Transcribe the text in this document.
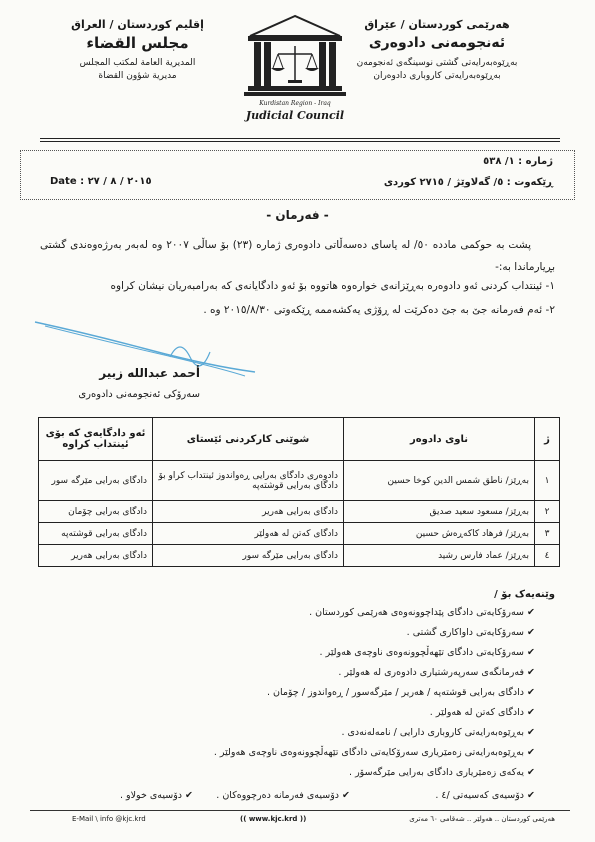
هەرێمی کوردستان / عێراق
ئەنجومەنی دادوەری
بەڕێوەبەرایەتی گشتی نوسینگەی ئەنجومەن
بەڕێوەبەرایەتی کاروباری دادوەران
إقليم كوردستان / العراق
مجلس القضاء
المديرية العامة لمكتب المجلس
مديرية شؤون القضاة
Kurdistan Region - Iraq
Judicial Council
ژمارە : ١/ ٥٣٨
ڕێکەوت : ٥/ گەلاوێژ / ٢٧١٥ کوردی
Date : ٢٠١٥ / ٨ / ٢٧
- فەرمان -
پشت بە حوکمی مادده ٥٠/ لە یاسای دەسەڵاتی دادوەری ژمارە (٢٣) بۆ ساڵی ٢٠٠٧ وە لەبەر بەرژەوەندی گشتی بڕیارماندا بە:-
١- ئینتداب کردنی ئەو دادوەرە بەڕێزانەی خوارەوە هاتووە بۆ ئەو دادگایانەی کە بەرامبەریان نیشان کراوە
٢- ئەم فەرمانە جێ بە جێ دەکرێت لە ڕۆژی یەکشەممە ڕێکەوتی ٢٠١٥/٨/٣٠ وە .
أحمد عبدالله زبير
سەرۆکی ئەنجومەنی دادوەری
ژ	ناوی دادوەر	شوێنی کارکردنی ئێستای	ئەو دادگایەی کە بۆی ئینتداب کراوە
١	بەڕێز/ ناطق شمس الدين كوخا حسين	دادوەری دادگای بەرایی ڕەواندوز ئینتداب کراو بۆ دادگای بەرایی قوشتەپە	دادگای بەرایی مێرگە سور
٢	بەڕێز/ مسعود سعيد صديق	دادگای بەرایی هەریر	دادگای بەرایی چۆمان
٣	بەڕێز/ فرهاد کاکەڕەش حسين	دادگای کەتن لە هەولێر	دادگای بەرایی قوشتەپە
٤	بەڕێز/ عماد فارس رشيد	دادگای بەرایی مێرگە سور	دادگای بەرایی هەریر
وێنەیەک بۆ /
✔ سەرۆکایەتی دادگای پێداچوونەوەی هەرێمی کوردستان .
✔ سەرۆکایەتی داواکاری گشتی .
✔ سەرۆکایەتی دادگای تێهەڵچوونەوەی ناوچەی هەولێر .
✔ فەرمانگەی سەرپەرشتیاری دادوەری لە هەولێر .
✔ دادگای بەرایی قوشتەپە / هەریر / مێرگەسور / ڕەواندوز / چۆمان .
✔ دادگای کەتن لە هەولێر .
✔ بەڕێوەبەرایەتی کاروباری دارایی / نامەلەنەدی .
✔ بەڕێوەبەرایەتی زەمێریاری سەرۆکایەتی دادگای تێهەڵچوونەوەی ناوچەی هەولێر .
✔ یەکەی زەمێریاری دادگای بەرایی مێرگەسۆر .
✔ دۆسیەی کەسیەتی /٤ .
✔ دۆسیەی فەرمانە دەرچووەکان .
✔ دۆسیەی خولاو .
E-Mail \ info @kjc.krd	(( www.kjc.krd ))	هەرێمی کوردستان .. هەولێر .. شەقامی ٦٠ مەتری
